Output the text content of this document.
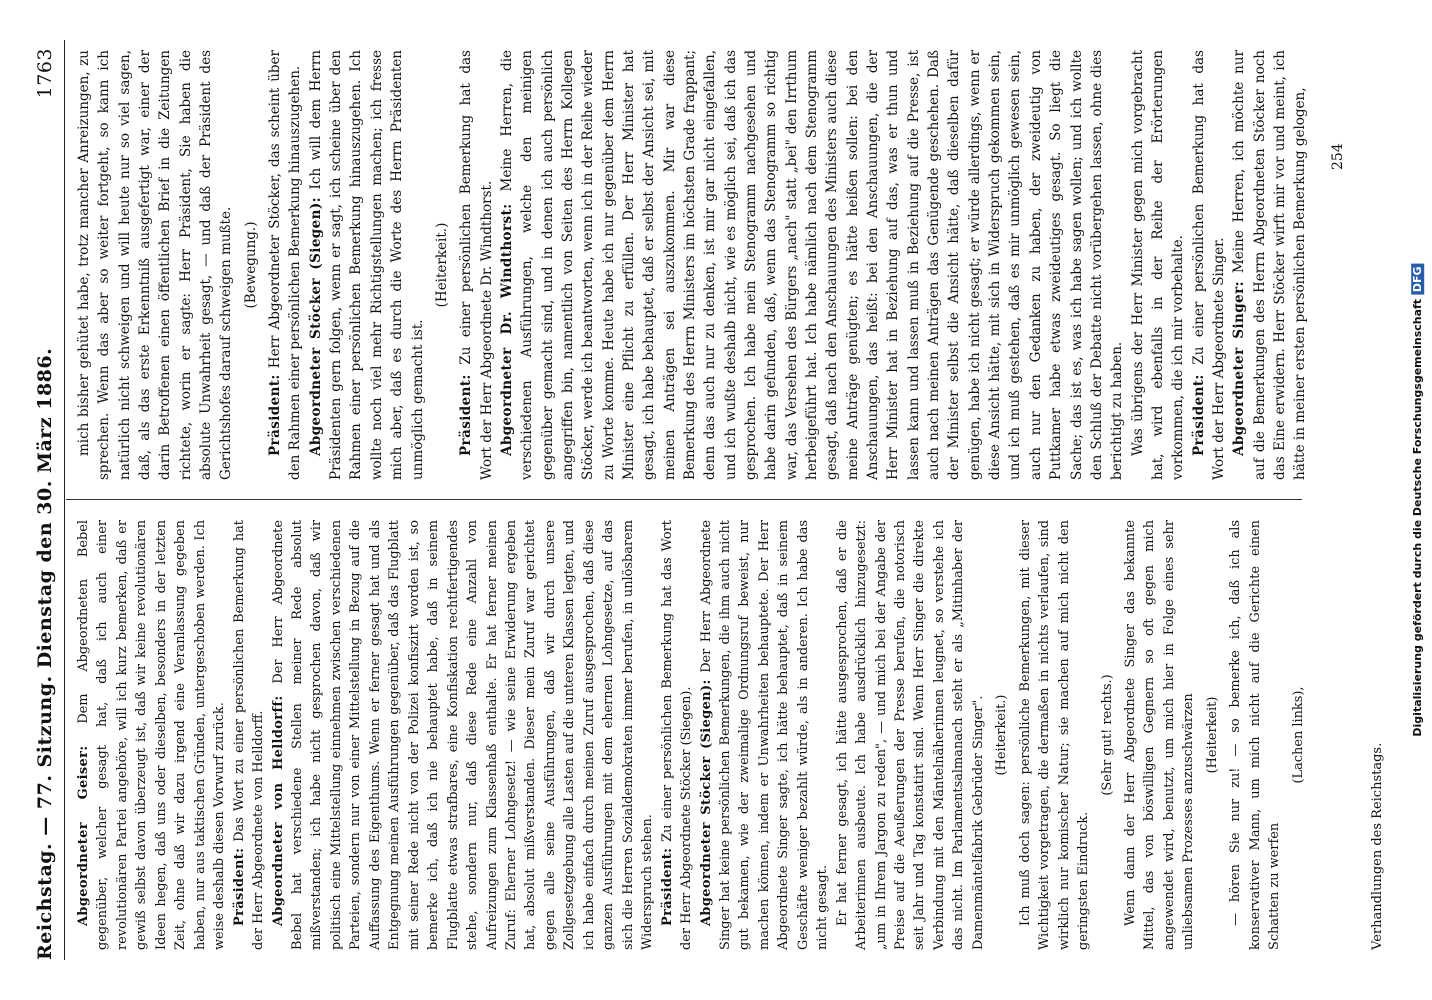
Reichstag. — 77. Sitzung. Dienstag den 30. März 1886.
1763

Abgeordneter Geiser: Dem Abgeordneten Bebel gegenüber, welcher gesagt hat, daß ich auch einer revolutionären Partei angehöre, will ich kurz bemerken, daß er gewiß selbst davon überzeugt ist, daß wir keine revolutionären Ideen hegen, daß uns oder dieselben, besonders in der letzten Zeit, ohne daß wir dazu irgend eine Veranlassung gegeben haben, nur aus taktischen Gründen, untergeschoben werden. Ich weise deshalb diesen Vorwurf zurück. Präsident: Das Wort zu einer persönlichen Bemerkung hat der Herr Abgeordnete von Helldorff. Abgeordneter von Helldorff: Der Herr Abgeordnete Bebel hat verschiedene Stellen meiner Rede absolut mißverstanden; ich habe nicht gesprochen davon, daß wir politisch eine Mittelstellung einnehmen zwischen verschiedenen Parteien, sondern nur von einer Mittelstellung in Bezug auf die Auffassung des Eigenthums. Wenn er ferner gesagt hat und als Entgegnung meinen Ausführungen gegenüber, daß das Flugblatt mit seiner Rede nicht von der Polizei konfiszirt worden ist, so bemerke ich, daß ich nie behauptet habe, daß in seinem Flugblatte etwas strafbares, eine Konfiskation rechtfertigendes stehe, sondern nur, daß diese Rede eine Anzahl von Aufreizungen zum Klassenhaß enthalte. Er hat ferner meinen Zuruf: Eherner Lohngesetz! — wie seine Erwiderung ergeben hat, absolut mißverstanden. Dieser mein Zuruf war gerichtet gegen alle seine Ausführungen, daß wir durch unsere Zollgesetzgebung alle Lasten auf die unteren Klassen legten, und ich habe einfach durch meinen Zuruf ausgesprochen, daß diese ganzen Ausführungen mit dem ehernen Lohngesetze, auf das sich die Herren Sozialdemokraten immer berufen, in unlösbarem Widerspruch stehen. Präsident: Zu einer persönlichen Bemerkung hat das Wort der Herr Abgeordnete Stöcker (Siegen). Abgeordneter Stöcker (Siegen): Der Herr Abgeordnete Singer hat keine persönlichen Bemerkungen, die ihm auch nicht gut bekamen, wie der zweimalige Ordnungsruf beweist, nur machen können, indem er Unwahrheiten behauptete. Der Herr Abgeordnete Singer sagte, ich hätte behauptet, daß in seinem Geschäfte weniger bezahlt würde, als in anderen. Ich habe das nicht gesagt. Er hat ferner gesagt, ich hätte ausgesprochen, daß er die Arbeiterinnen ausbeute. Ich habe ausdrücklich hinzugesetzt: „um in Ihrem Jargon zu reden", — und mich bei der Angabe der Preise auf die Aeußerungen der Presse berufen, die notorisch seit Jahr und Tag konstatirt sind. Wenn Herr Singer die direkte Verbindung mit den Mäntelnäherinnen leugnet, so verstehe ich das nicht. Im Parlamentsalmanach steht er als „Mitinhaber der Damenmäntelfabrik Gebrüder Singer". (Heiterkeit.) Ich muß doch sagen: persönliche Bemerkungen, mit dieser Wichtigkeit vorgetragen, die dermaßen in nichts verlaufen, sind wirklich nur komischer Natur; sie machen auf mich nicht den geringsten Eindruck.

(Sehr gut! rechts.) Wenn dann der Herr Abgeordnete Singer das bekannte Mittel, das von böswilligen Gegnern so oft gegen mich angewendet wird, benutzt, um mich hier in Folge eines sehr unliebsamen Prozesses anzuschwärzen (Heiterkeit) — hören Sie nur zu! — so bemerke ich, daß ich als konservativer Mann, um mich nicht auf die Gerichte einen Schatten zu werfen

(Lachen links),

mich bisher gehütet habe, trotz mancher Anreizungen, zu sprechen. Wenn das aber so weiter fortgeht, so kann ich natürlich nicht schweigen und will heute nur so viel sagen, daß, als das erste Erkenntniß ausgefertigt war, einer der darin Betroffenen einen öffentlichen Brief in die Zeitungen richtete, worin er sagte: Herr Präsident, Sie haben die absolute Unwahrheit gesagt, — und daß der Präsident des Gerichtshofes darauf schweigen mußte. (Bewegung.)

Präsident: Herr Abgeordneter Stöcker, das scheint über den Rahmen einer persönlichen Bemerkung hinauszugehen. Abgeordneter Stöcker (Siegen): Ich will dem Herrn Präsidenten gern folgen, wenn er sagt, ich scheine über den Rahmen einer persönlichen Bemerkung hinauszugehen. Ich wollte noch viel mehr Richtigstellungen machen; ich fresse mich aber, daß es durch die Worte des Herrn Präsidenten unmöglich gemacht ist.

(Heiterkeit.)

Präsident: Zu einer persönlichen Bemerkung hat das Wort der Herr Abgeordnete Dr. Windthorst. Abgeordneter Dr. Windthorst: Meine Herren, die verschiedenen Ausführungen, welche den meinigen gegenüber gemacht sind, und in denen ich auch persönlich angegriffen bin, namentlich von Seiten des Herrn Kollegen Stöcker, werde ich beantworten, wenn ich in der Reihe wieder zu Worte komme. Heute habe ich nur gegenüber dem Herrn Minister eine Pflicht zu erfüllen. Der Herr Minister hat gesagt, ich habe behauptet, daß er selbst der Ansicht sei, mit meinen Anträgen sei auszukommen. Mir war diese Bemerkung des Herrn Ministers im höchsten Grade frappant; denn das auch nur zu denken, ist mir gar nicht eingefallen, und ich wußte deshalb nicht, wie es möglich sei, daß ich das gesprochen. Ich habe mein Stenogramm nachgesehen und habe darin gefunden, daß, wenn das Stenogramm so richtig war, das Versehen des Bürgers „nach" statt „bei" den Irrthum herbeigeführt hat. Ich habe nämlich nach dem Stenogramm gesagt, daß nach den Anschauungen des Ministers auch diese meine Anträge genügten; es hätte heißen sollen: bei den Anschauungen, das heißt: bei den Anschauungen, die der Herr Minister hat in Beziehung auf das, was er thun und lassen kann und lassen muß in Beziehung auf die Presse, ist auch nach meinen Anträgen das Genügende geschehen. Daß der Minister selbst die Ansicht hätte, daß dieselben dafür genügen, habe ich nicht gesagt; er würde allerdings, wenn er diese Ansicht hätte, mit sich in Widerspruch gekommen sein, und ich muß gestehen, daß es mir unmöglich gewesen sein, auch nur den Gedanken zu haben, der zweideutig von Puttkamer habe etwas zweideutiges gesagt. So liegt die Sache; das ist es, was ich habe sagen wollen; und ich wollte den Schluß der Debatte nicht vorübergehen lassen, ohne dies berichtigt zu haben. Was übrigens der Herr Minister gegen mich vorgebracht hat, wird ebenfalls in der Reihe der Erörterungen vorkommen, die ich mir vorbehalte. Präsident: Zu einer persönlichen Bemerkung hat das Wort der Herr Abgeordnete Singer. Abgeordneter Singer: Meine Herren, ich möchte nur auf die Bemerkungen des Herrn Abgeordneten Stöcker noch das Eine erwidern. Herr Stöcker wirft mir vor und meint, ich hätte in meiner ersten persönlichen Bemerkung gelogen,

Verhandlungen des Reichstags.
254
Digitalisierung gefördert durch die Deutsche Forschungsgemeinschaft DFG
